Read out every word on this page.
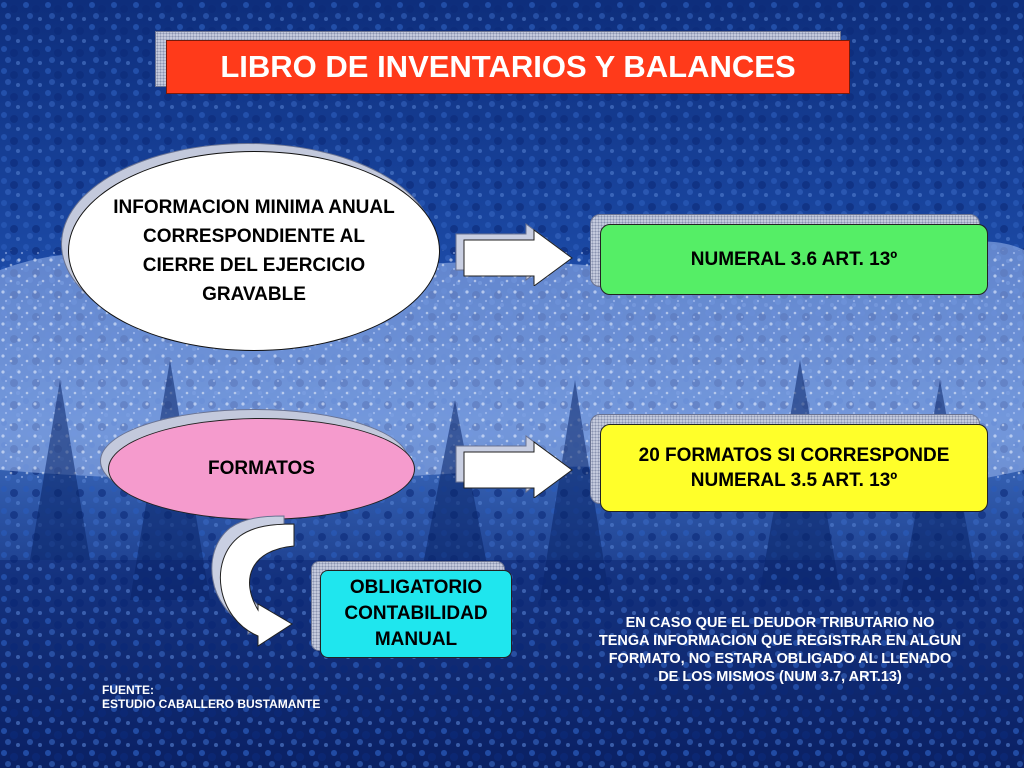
LIBRO DE INVENTARIOS Y BALANCES
INFORMACION MINIMA ANUAL
CORRESPONDIENTE AL
CIERRE DEL EJERCICIO
GRAVABLE
NUMERAL 3.6 ART. 13º
FORMATOS
20 FORMATOS SI CORRESPONDE
NUMERAL 3.5 ART. 13º
OBLIGATORIO
CONTABILIDAD
MANUAL
EN CASO QUE EL DEUDOR TRIBUTARIO NO
TENGA INFORMACION QUE REGISTRAR EN ALGUN
FORMATO, NO ESTARA OBLIGADO AL LLENADO
DE LOS MISMOS (NUM 3.7, ART.13)
FUENTE:
ESTUDIO CABALLERO BUSTAMANTE
